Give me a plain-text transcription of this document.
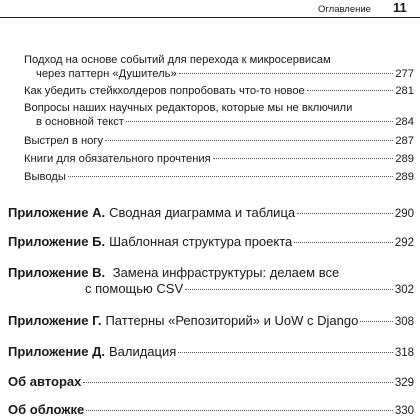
Оглавление 11
Подход на основе событий для перехода к микросервисам
через паттерн «Душитель»	277
Как убедить стейкхолдеров попробовать что-то новое	281
Вопросы наших научных редакторов, которые мы не включили
в основной текст	284
Выстрел в ногу	287
Книги для обязательного прочтения	289
Выводы	289
Приложение А. Сводная диаграмма и таблица	290
Приложение Б. Шаблонная структура проекта	292
Приложение В. Замена инфраструктуры: делаем все
с помощью CSV	302
Приложение Г. Паттерны «Репозиторий» и UoW с Django	308
Приложение Д. Валидация	318
Об авторах	329
Об обложке	330
